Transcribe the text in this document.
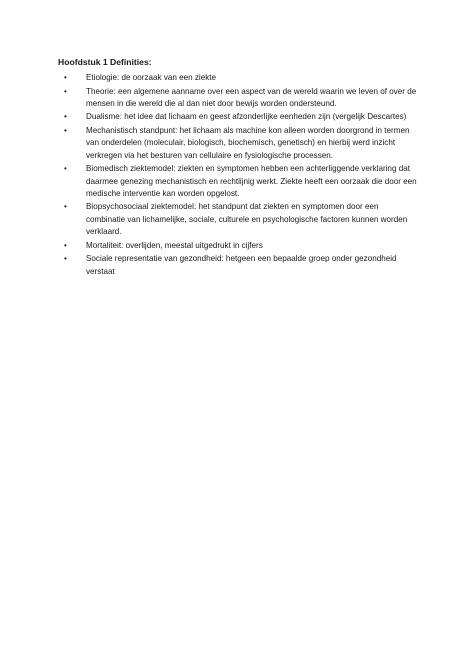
Hoofdstuk 1 Definities:
• Etiologie: de oorzaak van een ziekte
• Theorie: een algemene aanname over een aspect van de wereld waarin we leven of over de mensen in die wereld die al dan niet door bewijs worden ondersteund.
• Dualisme: het idee dat lichaam en geest afzonderlijke eenheden zijn (vergelijk Descartes)
• Mechanistisch standpunt: het lichaam als machine kon alleen worden doorgrond in termen van onderdelen (moleculair, biologisch, biochemisch, genetisch) en hierbij werd inzicht verkregen via het besturen van cellulaire en fysiologische processen.
• Biomedisch ziektemodel: ziekten en symptomen hebben een achterliggende verklaring dat daarmee genezing mechanistisch en rechtlijnig werkt. Ziekte heeft een oorzaak die door een medische interventie kan worden opgelost.
• Biopsychosociaal ziektemodel: het standpunt dat ziekten en symptomen door een combinatie van lichamelijke, sociale, culturele en psychologische factoren kunnen worden verklaard.
• Mortaliteit: overlijden, meestal uitgedrukt in cijfers
• Sociale representatie van gezondheid: hetgeen een bepaalde groep onder gezondheid verstaat
